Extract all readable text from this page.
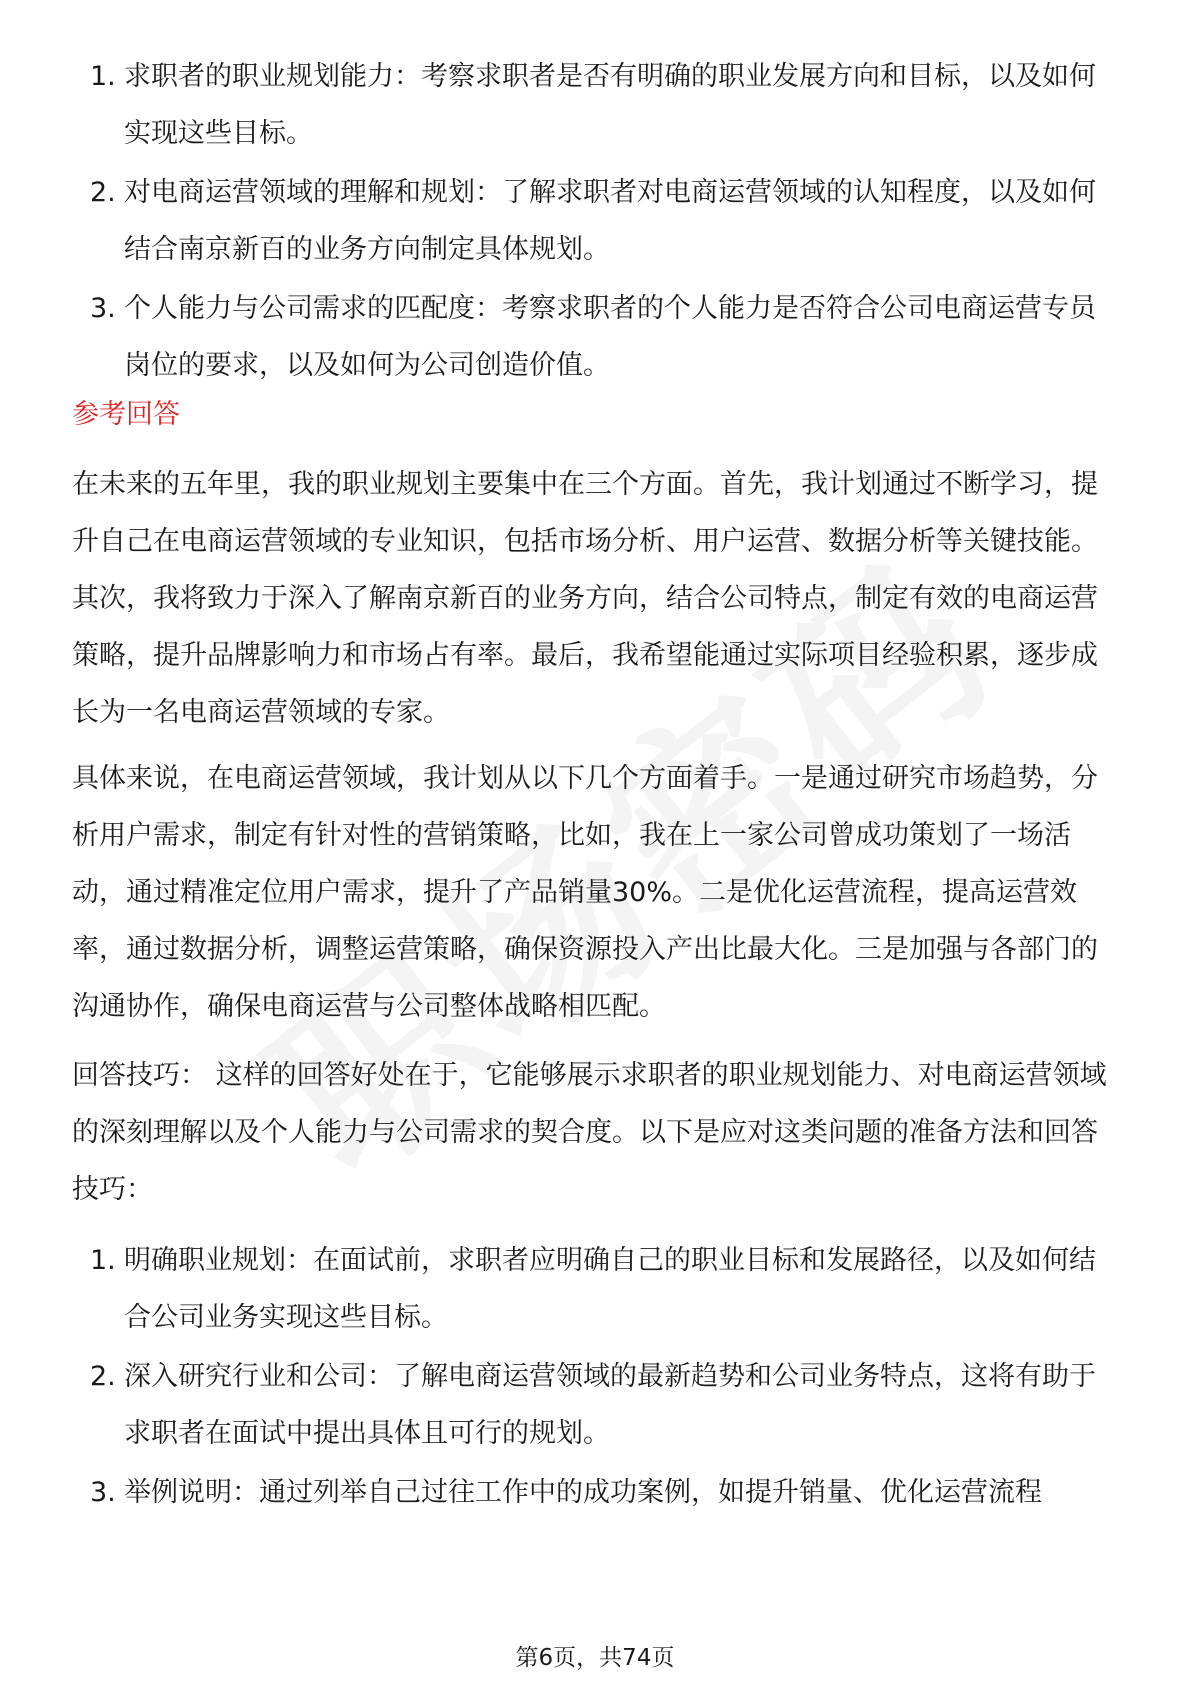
1. 求职者的职业规划能力：考察求职者是否有明确的职业发展方向和目标，以及如何实现这些目标。
2. 对电商运营领域的理解和规划：了解求职者对电商运营领域的认知程度，以及如何结合南京新百的业务方向制定具体规划。
3. 个人能力与公司需求的匹配度：考察求职者的个人能力是否符合公司电商运营专员岗位的要求，以及如何为公司创造价值。
参考回答

在未来的五年里，我的职业规划主要集中在三个方面。首先，我计划通过不断学习，提升自己在电商运营领域的专业知识，包括市场分析、用户运营、数据分析等关键技能。其次，我将致力于深入了解南京新百的业务方向，结合公司特点，制定有效的电商运营策略，提升品牌影响力和市场占有率。最后，我希望能通过实际项目经验积累，逐步成长为一名电商运营领域的专家。

具体来说，在电商运营领域，我计划从以下几个方面着手。一是通过研究市场趋势，分析用户需求，制定有针对性的营销策略，比如，我在上一家公司曾成功策划了一场活动，通过精准定位用户需求，提升了产品销量30%。二是优化运营流程，提高运营效率，通过数据分析，调整运营策略，确保资源投入产出比最大化。三是加强与各部门的沟通协作，确保电商运营与公司整体战略相匹配。

回答技巧： 这样的回答好处在于，它能够展示求职者的职业规划能力、对电商运营领域的深刻理解以及个人能力与公司需求的契合度。以下是应对这类问题的准备方法和回答技巧：

1. 明确职业规划：在面试前，求职者应明确自己的职业目标和发展路径，以及如何结合公司业务实现这些目标。
2. 深入研究行业和公司：了解电商运营领域的最新趋势和公司业务特点，这将有助于求职者在面试中提出具体且可行的规划。
3. 举例说明：通过列举自己过往工作中的成功案例，如提升销量、优化运营流程
第6页，共74页
